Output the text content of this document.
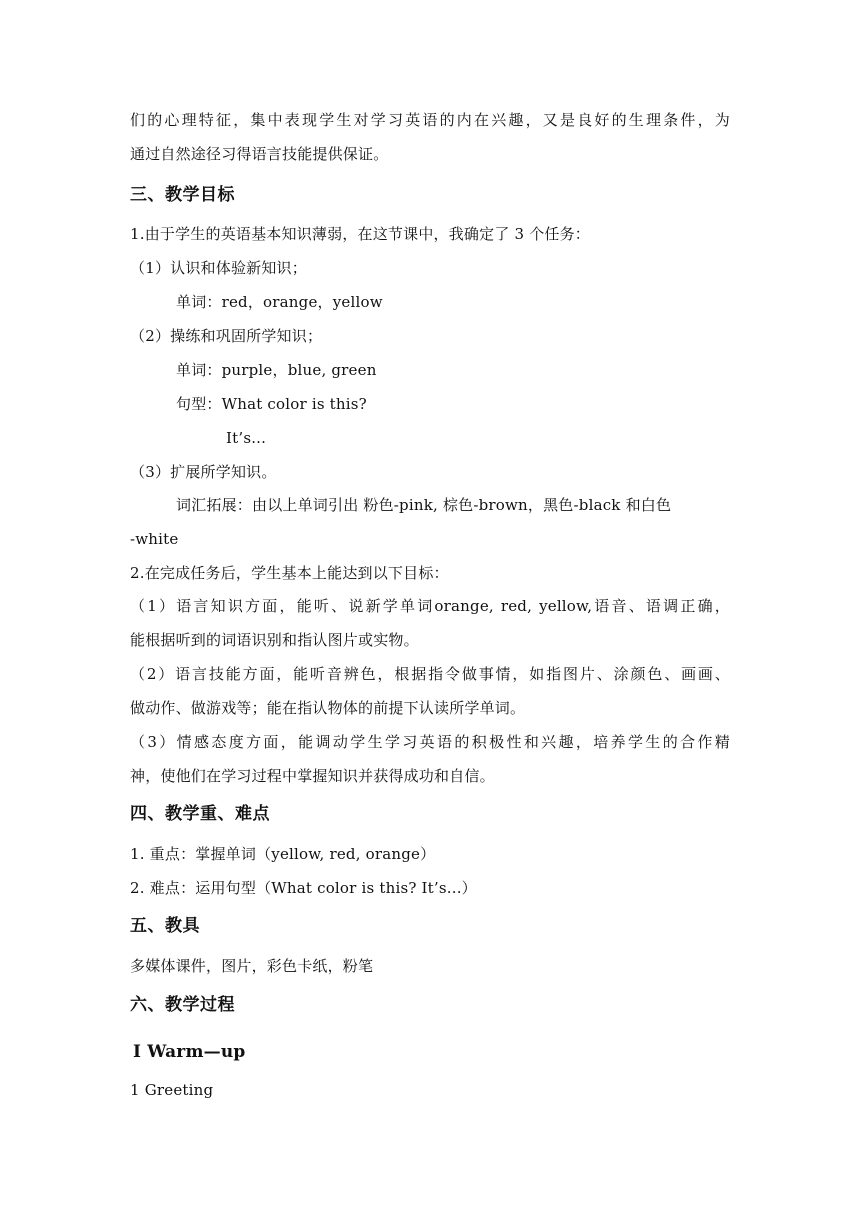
们的心理特征，集中表现学生对学习英语的内在兴趣，又是良好的生理条件，为
通过自然途径习得语言技能提供保证。
三、教学目标
1.由于学生的英语基本知识薄弱，在这节课中，我确定了 3 个任务：
（1）认识和体验新知识；
单词：red，orange，yellow
（2）操练和巩固所学知识；
单词：purple，blue, green
句型：What color is this?
It’s...
（3）扩展所学知识。
词汇拓展：由以上单词引出 粉色-pink, 棕色-brown，黑色-black 和白色
-white
2.在完成任务后，学生基本上能达到以下目标：
（1）语言知识方面，能听、说新学单词orange, red, yellow,语音、语调正确，
能根据听到的词语识别和指认图片或实物。
（2）语言技能方面，能听音辨色，根据指令做事情，如指图片、涂颜色、画画、
做动作、做游戏等；能在指认物体的前提下认读所学单词。
（3）情感态度方面，能调动学生学习英语的积极性和兴趣，培养学生的合作精
神，使他们在学习过程中掌握知识并获得成功和自信。
四、教学重、难点
1. 重点：掌握单词（yellow, red, orange）
2. 难点：运用句型（What color is this? It’s...）
五、教具
多媒体课件，图片，彩色卡纸，粉笔
六、教学过程
Ⅰ Warm—up
1 Greeting
